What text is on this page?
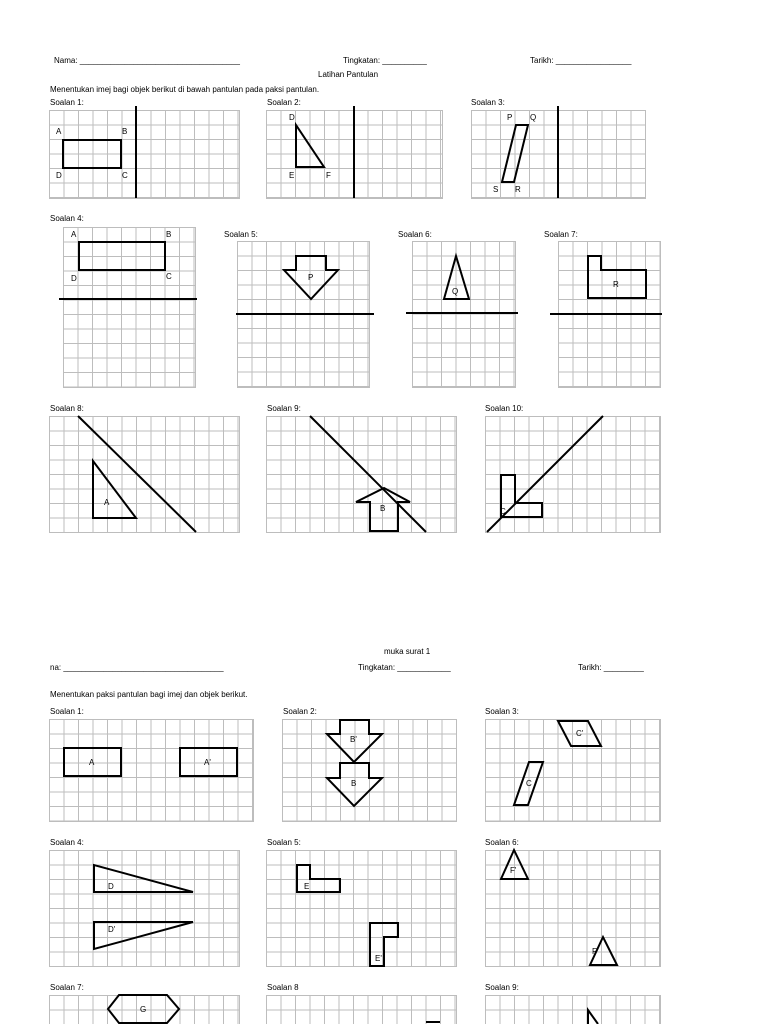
Nama: ____________________________________	Tingkatan: __________	Tarikh: _________________
Latihan Pantulan
Menentukan imej bagi objek berikut di bawah pantulan pada paksi pantulan.
Soalan 1:	Soalan 2:	Soalan 3:
Soalan 4:
Soalan 5:	Soalan 6:	Soalan 7:
Soalan 8:	Soalan 9:	Soalan 10:
muka surat 1
na: ____________________________________	Tingkatan: ____________	Tarikh: _________
Menentukan paksi pantulan bagi imej dan objek berikut.
Soalan 1:	Soalan 2:	Soalan 3:
Soalan 4:	Soalan 5:	Soalan 6:
Soalan 7:	Soalan 8	Soalan 9:
A	B
D	C
D
E	F
P Q
S R
A	B
D	C	P
Q
R
A
B	C
A	A'
B'
B
C'
C
D
D'
E
E'
F'
F
G
